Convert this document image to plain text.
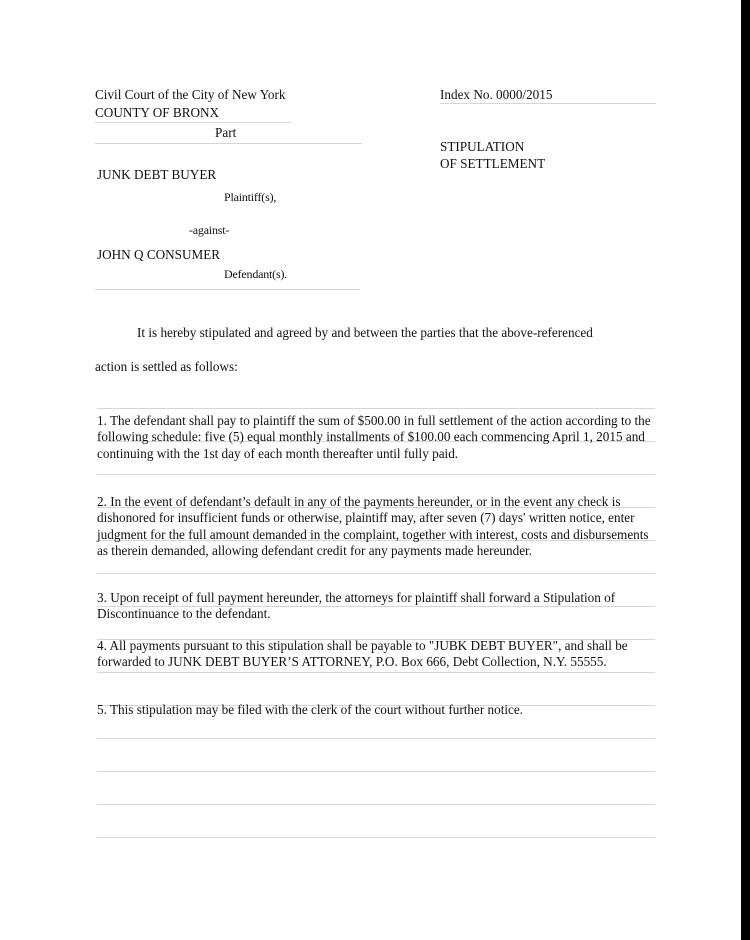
Civil Court of the City of New York
COUNTY OF BRONX
Part
JUNK DEBT BUYER
Plaintiff(s),
-against-
JOHN Q CONSUMER
Defendant(s).
Index No. 0000/2015
STIPULATION
OF SETTLEMENT
It is hereby stipulated and agreed by and between the parties that the above-referenced
action is settled as follows:
1. The defendant shall pay to plaintiff the sum of $500.00 in full settlement of the action according to the following schedule: five (5) equal monthly installments of $100.00 each commencing April 1, 2015 and continuing with the 1st day of each month thereafter until fully paid.
2. In the event of defendant’s default in any of the payments hereunder, or in the event any check is dishonored for insufficient funds or otherwise, plaintiff may, after seven (7) days' written notice, enter judgment for the full amount demanded in the complaint, together with interest, costs and disbursements as therein demanded, allowing defendant credit for any payments made hereunder.
3. Upon receipt of full payment hereunder, the attorneys for plaintiff shall forward a Stipulation of Discontinuance to the defendant.
4. All payments pursuant to this stipulation shall be payable to "JUBK DEBT BUYER", and shall be forwarded to JUNK DEBT BUYER’S ATTORNEY, P.O. Box 666, Debt Collection, N.Y. 55555.
5. This stipulation may be filed with the clerk of the court without further notice.
